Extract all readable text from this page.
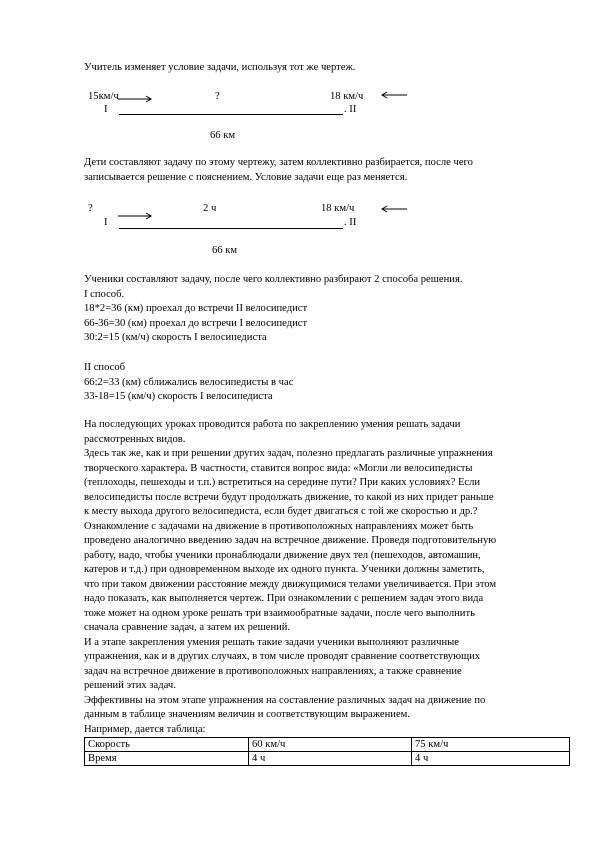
Учитель изменяет условие задачи, используя тот же чертеж.
15км/ч	?	18 км/ч
I	. II
66 км
Дети составляют задачу по этому чертежу, затем коллективно разбирается, после чего
записывается решение с пояснением. Условие задачи еще раз меняется.
?	2 ч	18 км/ч
I	. II
66 км
Ученики составляют задачу, после чего коллективно разбирают 2 способа решения.
I способ.
18*2=36 (км) проехал до встречи II велосипедист
66-36=30 (км) проехал до встречи I велосипедист
30:2=15 (км/ч) скорость I велосипедиста
II способ
66:2=33 (км) сближались велосипедисты в час
33-18=15 (км/ч) скорость I велосипедиста
На последующих уроках проводится работа по закреплению умения решать задачи
рассмотренных видов.
Здесь так же, как и при решении других задач, полезно предлагать различные упражнения
творческого характера. В частности, ставится вопрос вида: «Могли ли велосипедисты
(теплоходы, пешеходы и т.п.) встретиться на середине пути? При каких условиях? Если
велосипедисты после встречи будут продолжать движение, то какой из них придет раньше
к месту выхода другого велосипедиста, если будет двигаться с той же скоростью и др.?
Ознакомление с задачами на движение в противоположных направлениях может быть
проведено аналогично введению задач на встречное движение. Проведя подготовительную
работу, надо, чтобы ученики пронаблюдали движение двух тел (пешеходов, автомашин,
катеров и т.д.) при одновременном выходе их одного пункта. Ученики должны заметить,
что при таком движении расстояние между движущимися телами увеличивается. При этом
надо показать, как выполняется чертеж. При ознакомлении с решением задач этого вида
тоже может на одном уроке решать три взаимообратные задачи, после чего выполнить
сначала сравнение задач, а затем их решений.
И а этапе закрепления умения решать такие задачи ученики выполняют различные
упражнения, как и в других случаях, в том числе проводят сравнение соответствующих
задач на встречное движение в противоположных направлениях, а также сравнение
решений этих задач.
Эффективны на этом этапе упражнения на составление различных задач на движение по
данным в таблице значениям величин и соответствующим выражением.
Например, дается таблица:
Скорость	60 км/ч	75 км/ч
Время	4 ч	4 ч
